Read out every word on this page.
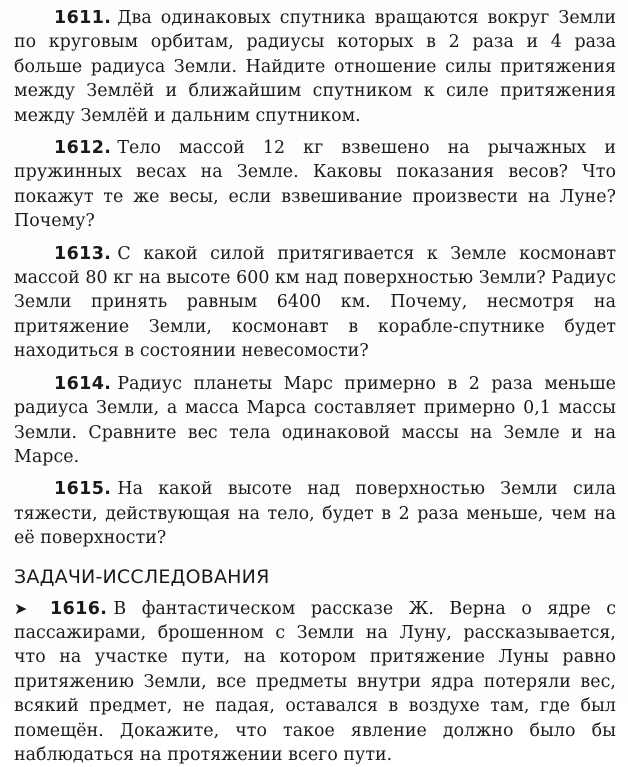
1611. Два одинаковых спутника вращаются вокруг Земли по круговым орбитам, радиусы которых в 2 раза и 4 раза больше радиуса Земли. Найдите отношение силы притяжения между Землёй и ближайшим спутником к силе притяжения между Землёй и дальним спутником.

1612. Тело массой 12 кг взвешено на рычажных и пружинных весах на Земле. Каковы показания весов? Что покажут те же весы, если взвешивание произвести на Луне? Почему?

1613. С какой силой притягивается к Земле космонавт массой 80 кг на высоте 600 км над поверхностью Земли? Радиус Земли принять равным 6400 км. Почему, несмотря на притяжение Земли, космонавт в корабле-спутнике будет находиться в состоянии невесомости?

1614. Радиус планеты Марс примерно в 2 раза меньше радиуса Земли, а масса Марса составляет примерно 0,1 массы Земли. Сравните вес тела одинаковой массы на Земле и на Марсе.

1615. На какой высоте над поверхностью Земли сила тяжести, действующая на тело, будет в 2 раза меньше, чем на её поверхности?

ЗАДАЧИ-ИССЛЕДОВАНИЯ

➤ 1616. В фантастическом рассказе Ж. Верна о ядре с пассажирами, брошенном с Земли на Луну, рассказывается, что на участке пути, на котором притяжение Луны равно притяжению Земли, все предметы внутри ядра потеряли вес, всякий предмет, не падая, оставался в воздухе там, где был помещён. Докажите, что такое явление должно было бы наблюдаться на протяжении всего пути.
